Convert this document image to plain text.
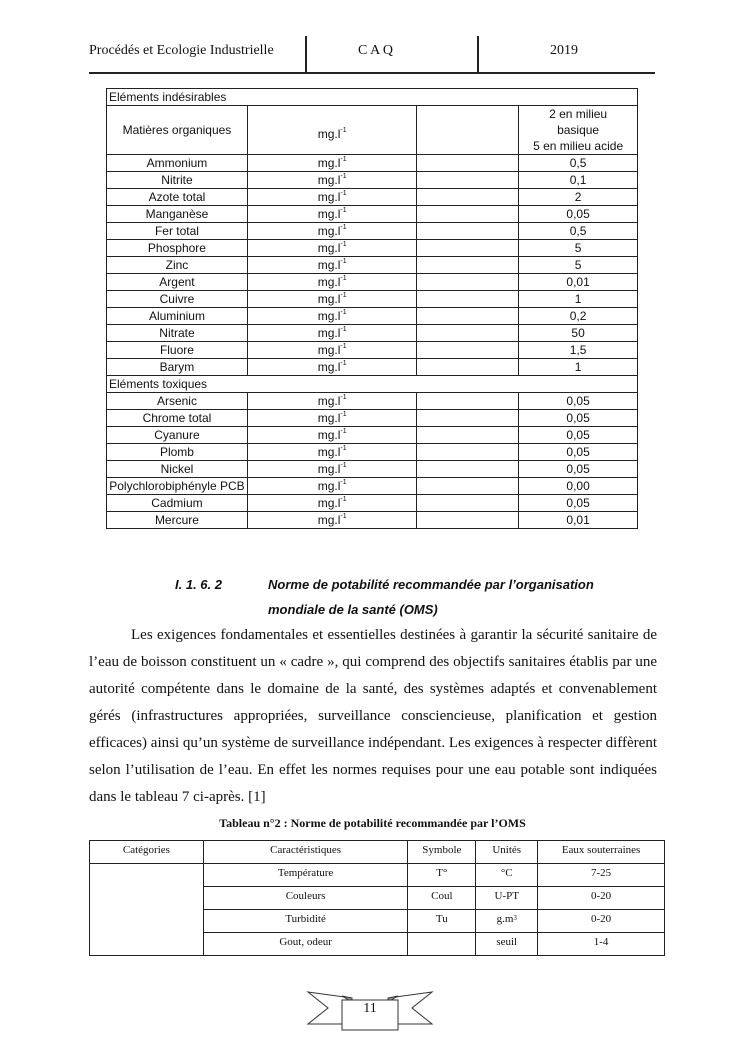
Procédés et Ecologie Industrielle	C A Q	2019
Eléments indésirables			
Matières organiques	$mg.l^{-1}$		2 en milieu
basique
5 en milieu acide

Ammonium	$mg.l^{-1}$		0,5
Nitrite	$mg.l^{-1}$		0,1
Azote total	$mg.l^{-1}$		2
Manganèse	$mg.l^{-1}$		0,05
Fer total	$mg.l^{-1}$		0,5
Phosphore	$mg.l^{-1}$		5
Zinc	$mg.l^{-1}$		5
Argent	$mg.l^{-1}$		0,01
Cuivre	$mg.l^{-1}$		1
Aluminium	$mg.l^{-1}$		0,2
Nitrate	$mg.l^{-1}$		50
Fluore	$mg.l^{-1}$		1,5
Barym	$mg.l^{-1}$		1
Eléments toxiques			
Arsenic	$mg.l^{-1}$		0,05
Chrome total	$mg.l^{-1}$		0,05
Cyanure	$mg.l^{-1}$		0,05
Plomb	$mg.l^{-1}$		0,05
Nickel	$mg.l^{-1}$		0,05
Polychlorobiphényle PCB	$mg.l^{-1}$		0,00
Cadmium	$mg.l^{-1}$		0,05
Mercure	$mg.l^{-1}$		0,01
I. 1. 6. 2	Norme de potabilité recommandée par l’organisation
mondiale de la santé (OMS)

Les exigences fondamentales et essentielles destinées à garantir la sécurité sanitaire de l’eau de boisson constituent un « cadre », qui comprend des objectifs sanitaires établis par une autorité compétente dans le domaine de la santé, des systèmes adaptés et convenablement gérés (infrastructures appropriées, surveillance consciencieuse, planification et gestion efficaces) ainsi qu’un système de surveillance indépendant. Les exigences à respecter diffèrent selon l’utilisation de l’eau. En effet les normes requises pour une eau potable sont indiquées dans le tableau 7 ci-après. [1]

Tableau n°2 : Norme de potabilité recommandée par l’OMS
Catégories	Caractéristiques	Symbole	Unités	Eaux souterraines
	Température	T°	°C	7-25
	Couleurs	Coul	U-PT	0-20
	Turbidité	Tu	$g.m^3$	0-20
	Gout, odeur		seuil	1-4
11
